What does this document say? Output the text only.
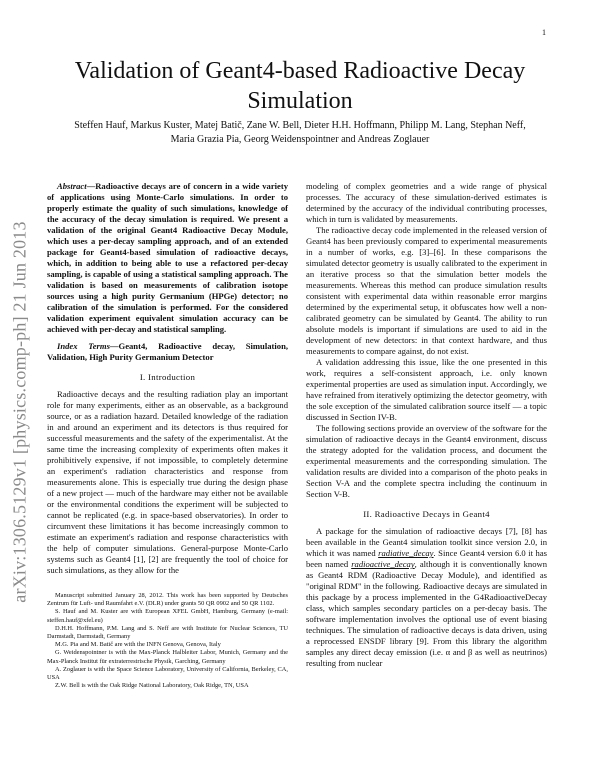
1
arXiv:1306.5129v1 [physics.comp-ph] 21 Jun 2013
Validation of Geant4-based Radioactive Decay Simulation
Steffen Hauf, Markus Kuster, Matej Batič, Zane W. Bell, Dieter H.H. Hoffmann, Philipp M. Lang, Stephan Neff,
Maria Grazia Pia, Georg Weidenspointner and Andreas Zoglauer

Abstract—Radioactive decays are of concern in a wide variety of applications using Monte-Carlo simulations. In order to properly estimate the quality of such simulations, knowledge of the accuracy of the decay simulation is required. We present a validation of the original Geant4 Radioactive Decay Module, which uses a per-decay sampling approach, and of an extended package for Geant4-based simulation of radioactive decays, which, in addition to being able to use a refactored per-decay sampling, is capable of using a statistical sampling approach. The validation is based on measurements of calibration isotope sources using a high purity Germanium (HPGe) detector; no calibration of the simulation is performed. For the considered validation experiment equivalent simulation accuracy can be achieved with per-decay and statistical sampling.

Index Terms—Geant4, Radioactive decay, Simulation, Validation, High Purity Germanium Detector

I. Introduction

Radioactive decays and the resulting radiation play an important role for many experiments, either as an observable, as a background source, or as a radiation hazard. Detailed knowledge of the radiation in and around an experiment and its detectors is thus required for successful measurements and the safety of the experimentalist. At the same time the increasing complexity of experiments often makes it prohibitively expensive, if not impossible, to completely determine an experiment's radiation characteristics and response from measurements alone. This is especially true during the design phase of a new project — much of the hardware may either not be available or the environmental conditions the experiment will be subjected to cannot be replicated (e.g. in space-based observatories). In order to circumvent these limitations it has become increasingly common to estimate an experiment's radiation and response characteristics with the help of computer simulations. General-purpose Monte-Carlo systems such as Geant4 [1], [2] are frequently the tool of choice for such simulations, as they allow for the

Manuscript submitted January 28, 2012. This work has been supported by Deutsches Zentrum für Luft- und Raumfahrt e.V. (DLR) under grants 50 QR 0902 and 50 QR 1102.

S. Hauf and M. Kuster are with European XFEL GmbH, Hamburg, Germany (e-mail: steffen.hauf@xfel.eu)

D.H.H. Hoffmann, P.M. Lang and S. Neff are with Institute for Nuclear Sciences, TU Darmstadt, Darmstadt, Germany

M.G. Pia and M. Batič are with the INFN Genova, Genova, Italy

G. Weidenspointner is with the Max-Planck Halbleiter Labor, Munich, Germany and the Max-Planck Institut für extraterrestrische Physik, Garching, Germany

A. Zoglauer is with the Space Science Laboratory, University of California, Berkeley, CA, USA

Z.W. Bell is with the Oak Ridge National Laboratory, Oak Ridge, TN, USA

modeling of complex geometries and a wide range of physical processes. The accuracy of these simulation-derived estimates is determined by the accuracy of the individual contributing processes, which in turn is validated by measurements.

The radioactive decay code implemented in the released version of Geant4 has been previously compared to experimental measurements in a number of works, e.g. [3]–[6]. In these comparisons the simulated detector geometry is usually calibrated to the experiment in an iterative process so that the simulation better models the measurements. Whereas this method can produce simulation results consistent with experimental data within reasonable error margins determined by the experimental setup, it obfuscates how well a non-calibrated geometry can be simulated by Geant4. The ability to run absolute models is important if simulations are used to aid in the development of new detectors: in that context hardware, and thus measurements to compare against, do not exist.

A validation addressing this issue, like the one presented in this work, requires a self-consistent approach, i.e. only known experimental properties are used as simulation input. Accordingly, we have refrained from iteratively optimizing the detector geometry, with the sole exception of the simulated calibration source itself — a topic discussed in Section IV-B.

The following sections provide an overview of the software for the simulation of radioactive decays in the Geant4 environment, discuss the strategy adopted for the validation process, and document the experimental measurements and the corresponding simulation. The validation results are divided into a comparison of the photo peaks in Section V-A and the complete spectra including the continuum in Section V-B.

II. Radioactive Decays in Geant4

A package for the simulation of radioactive decays [7], [8] has been available in the Geant4 simulation toolkit since version 2.0, in which it was named radiative_decay. Since Geant4 version 6.0 it has been named radioactive_decay, although it is conventionally known as Geant4 RDM (Radioactive Decay Module), and identified as "original RDM" in the following. Radioactive decays are simulated in this package by a process implemented in the G4RadioactiveDecay class, which samples secondary particles on a per-decay basis. The software implementation involves the optional use of event biasing techniques. The simulation of radioactive decays is data driven, using a reprocessed ENSDF library [9]. From this library the algorithm samples any direct decay emission (i.e. α and β as well as neutrinos) resulting from nuclear
